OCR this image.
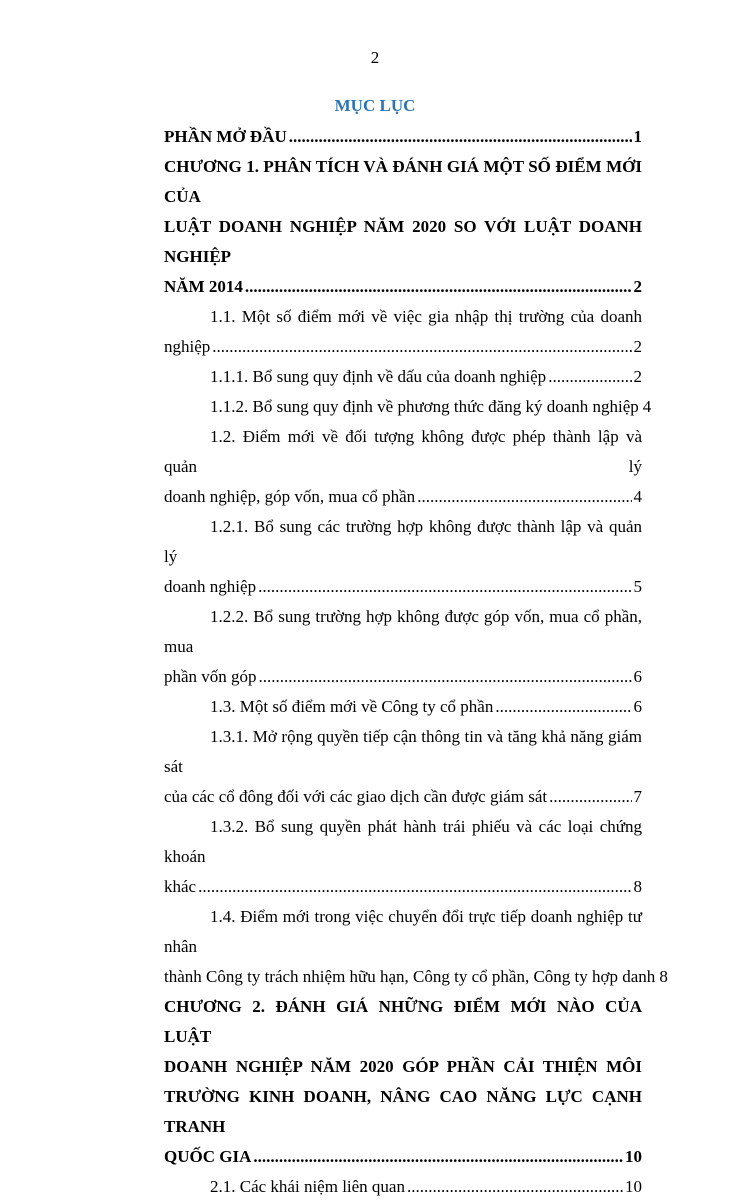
2
MỤC LỤC
PHẦN MỞ ĐẦU .....	1
CHƯƠNG 1. PHÂN TÍCH VÀ ĐÁNH GIÁ MỘT SỐ ĐIỂM MỚI CỦA
LUẬT DOANH NGHIỆP NĂM 2020 SO VỚI LUẬT DOANH NGHIỆP
NĂM 2014 .....	2
1.1. Một số điểm mới về việc gia nhập thị trường của doanh
nghiệp .....	2
1.1.1. Bổ sung quy định về dấu của doanh nghiệp .....	2
1.1.2. Bổ sung quy định về phương thức đăng ký doanh nghiệp 4
1.2. Điểm mới về đối tượng không được phép thành lập và quản lý
doanh nghiệp, góp vốn, mua cổ phần .....	4
1.2.1. Bổ sung các trường hợp không được thành lập và quản lý
doanh nghiệp .....	5
1.2.2. Bổ sung trường hợp không được góp vốn, mua cổ phần, mua
phần vốn góp .....	6
1.3. Một số điểm mới về Công ty cổ phần .....	6
1.3.1. Mở rộng quyền tiếp cận thông tin và tăng khả năng giám sát
của các cổ đông đối với các giao dịch cần được giám sát .....	7
1.3.2. Bổ sung quyền phát hành trái phiếu và các loại chứng khoán
khác .....	8
1.4. Điểm mới trong việc chuyển đổi trực tiếp doanh nghiệp tư nhân
thành Công ty trách nhiệm hữu hạn, Công ty cổ phần, Công ty hợp danh 8
CHƯƠNG 2. ĐÁNH GIÁ NHỮNG ĐIỂM MỚI NÀO CỦA LUẬT
DOANH NGHIỆP NĂM 2020 GÓP PHẦN CẢI THIỆN MÔI
TRƯỜNG KINH DOANH, NÂNG CAO NĂNG LỰC CẠNH TRANH
QUỐC GIA .....	10
2.1. Các khái niệm liên quan .....	10
